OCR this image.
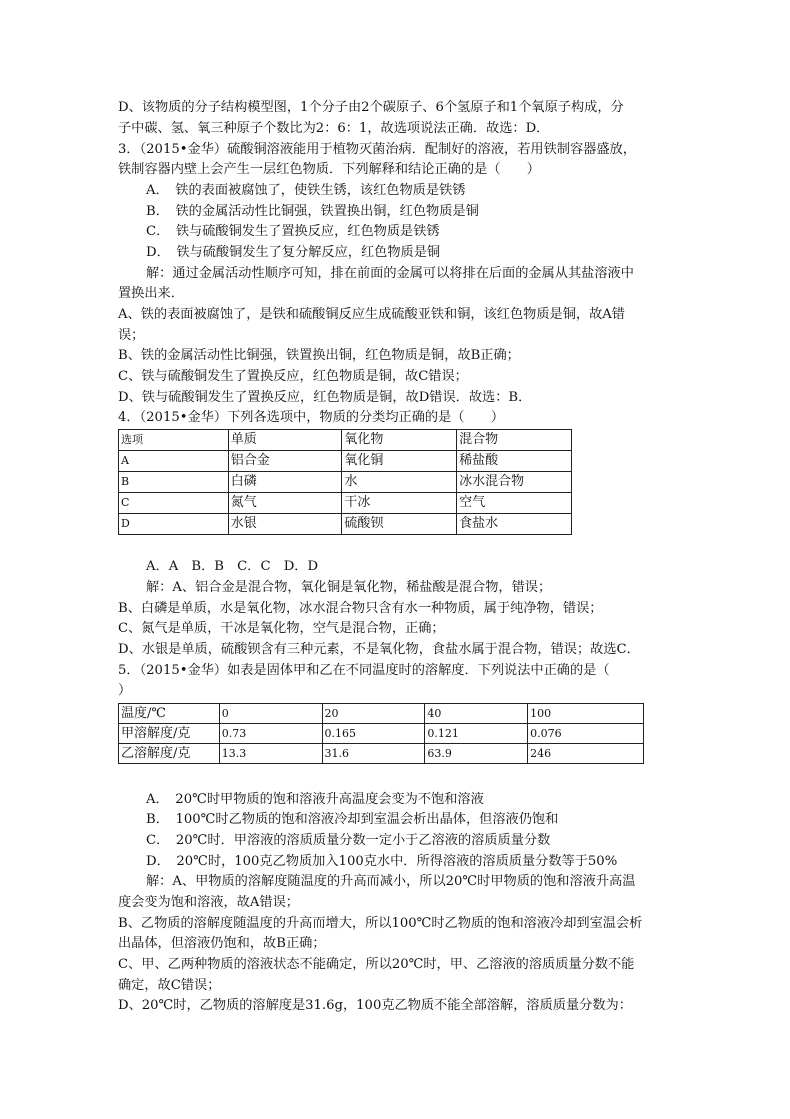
D、该物质的分子结构模型图，1个分子由2个碳原子、6个氢原子和1个氧原子构成，分
子中碳、氢、氧三种原子个数比为2：6：1，故选项说法正确．故选：D．
3．（2015•金华）硫酸铜溶液能用于植物灭菌治病．配制好的溶液，若用铁制容器盛放，
铁制容器内壁上会产生一层红色物质．下列解释和结论正确的是（　　）
A．　铁的表面被腐蚀了，使铁生锈，该红色物质是铁锈
B．　铁的金属活动性比铜强，铁置换出铜，红色物质是铜
C．　铁与硫酸铜发生了置换反应，红色物质是铁锈
D．　铁与硫酸铜发生了复分解反应，红色物质是铜
解：通过金属活动性顺序可知，排在前面的金属可以将排在后面的金属从其盐溶液中
置换出来．
A、铁的表面被腐蚀了，是铁和硫酸铜反应生成硫酸亚铁和铜，该红色物质是铜，故A错
误；
B、铁的金属活动性比铜强，铁置换出铜，红色物质是铜，故B正确；
C、铁与硫酸铜发生了置换反应，红色物质是铜，故C错误；
D、铁与硫酸铜发生了置换反应，红色物质是铜，故D错误．故选：B．
4．（2015•金华）下列各选项中，物质的分类均正确的是（　　）
选项	单质	氧化物	混合物
A	铝合金	氧化铜	稀盐酸
B	白磷	水	冰水混合物
C	氮气	干冰	空气
D	水银	硫酸钡	食盐水
A．A　B．B　C．C　D．D
解：A、铝合金是混合物，氧化铜是氧化物，稀盐酸是混合物，错误；
B、白磷是单质，水是氧化物，冰水混合物只含有水一种物质，属于纯净物，错误；
C、氮气是单质，干冰是氧化物，空气是混合物，正确；
D、水银是单质，硫酸钡含有三种元素，不是氧化物，食盐水属于混合物，错误；故选C．
5．（2015•金华）如表是固体甲和乙在不同温度时的溶解度．下列说法中正确的是（
）
温度/℃	0	20	40	100
甲溶解度/克	0.73	0.165	0.121	0.076
乙溶解度/克	13.3	31.6	63.9	246
A．　20℃时甲物质的饱和溶液升高温度会变为不饱和溶液
B．　100℃时乙物质的饱和溶液冷却到室温会析出晶体，但溶液仍饱和
C．　20℃时．甲溶液的溶质质量分数一定小于乙溶液的溶质质量分数
D．　20℃时，100克乙物质加入100克水中．所得溶液的溶质质量分数等于50%
解：A、甲物质的溶解度随温度的升高而减小，所以20℃时甲物质的饱和溶液升高温
度会变为饱和溶液，故A错误；
B、乙物质的溶解度随温度的升高而增大，所以100℃时乙物质的饱和溶液冷却到室温会析
出晶体，但溶液仍饱和，故B正确；
C、甲、乙两种物质的溶液状态不能确定，所以20℃时，甲、乙溶液的溶质质量分数不能
确定，故C错误；
D、20℃时，乙物质的溶解度是31.6g，100克乙物质不能全部溶解，溶质质量分数为：
